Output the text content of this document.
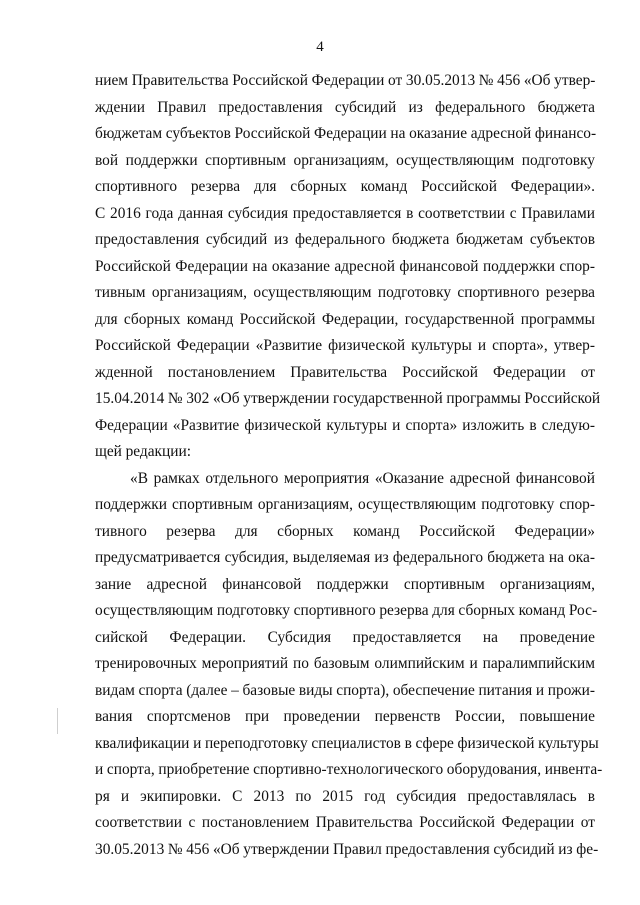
4
нием Правительства Российской Федерации от 30.05.2013 № 456 «Об утвер-
ждении Правил предоставления субсидий из федерального бюджета
бюджетам субъектов Российской Федерации на оказание адресной финансо-
вой поддержки спортивным организациям, осуществляющим подготовку
спортивного резерва для сборных команд Российской Федерации».
С 2016 года данная субсидия предоставляется в соответствии с Правилами
предоставления субсидий из федерального бюджета бюджетам субъектов
Российской Федерации на оказание адресной финансовой поддержки спор-
тивным организациям, осуществляющим подготовку спортивного резерва
для сборных команд Российской Федерации, государственной программы
Российской Федерации «Развитие физической культуры и спорта», утвер-
жденной постановлением Правительства Российской Федерации от
15.04.2014 № 302 «Об утверждении государственной программы Российской
Федерации «Развитие физической культуры и спорта» изложить в следую-
щей редакции:
«В рамках отдельного мероприятия «Оказание адресной финансовой
поддержки спортивным организациям, осуществляющим подготовку спор-
тивного резерва для сборных команд Российской Федерации»
предусматривается субсидия, выделяемая из федерального бюджета на ока-
зание адресной финансовой поддержки спортивным организациям,
осуществляющим подготовку спортивного резерва для сборных команд Рос-
сийской Федерации. Субсидия предоставляется на проведение
тренировочных мероприятий по базовым олимпийским и паралимпийским
видам спорта (далее – базовые виды спорта), обеспечение питания и прожи-
вания спортсменов при проведении первенств России, повышение
квалификации и переподготовку специалистов в сфере физической культуры
и спорта, приобретение спортивно-технологического оборудования, инвента-
ря и экипировки. С 2013 по 2015 год субсидия предоставлялась в
соответствии с постановлением Правительства Российской Федерации от
30.05.2013 № 456 «Об утверждении Правил предоставления субсидий из фе-
